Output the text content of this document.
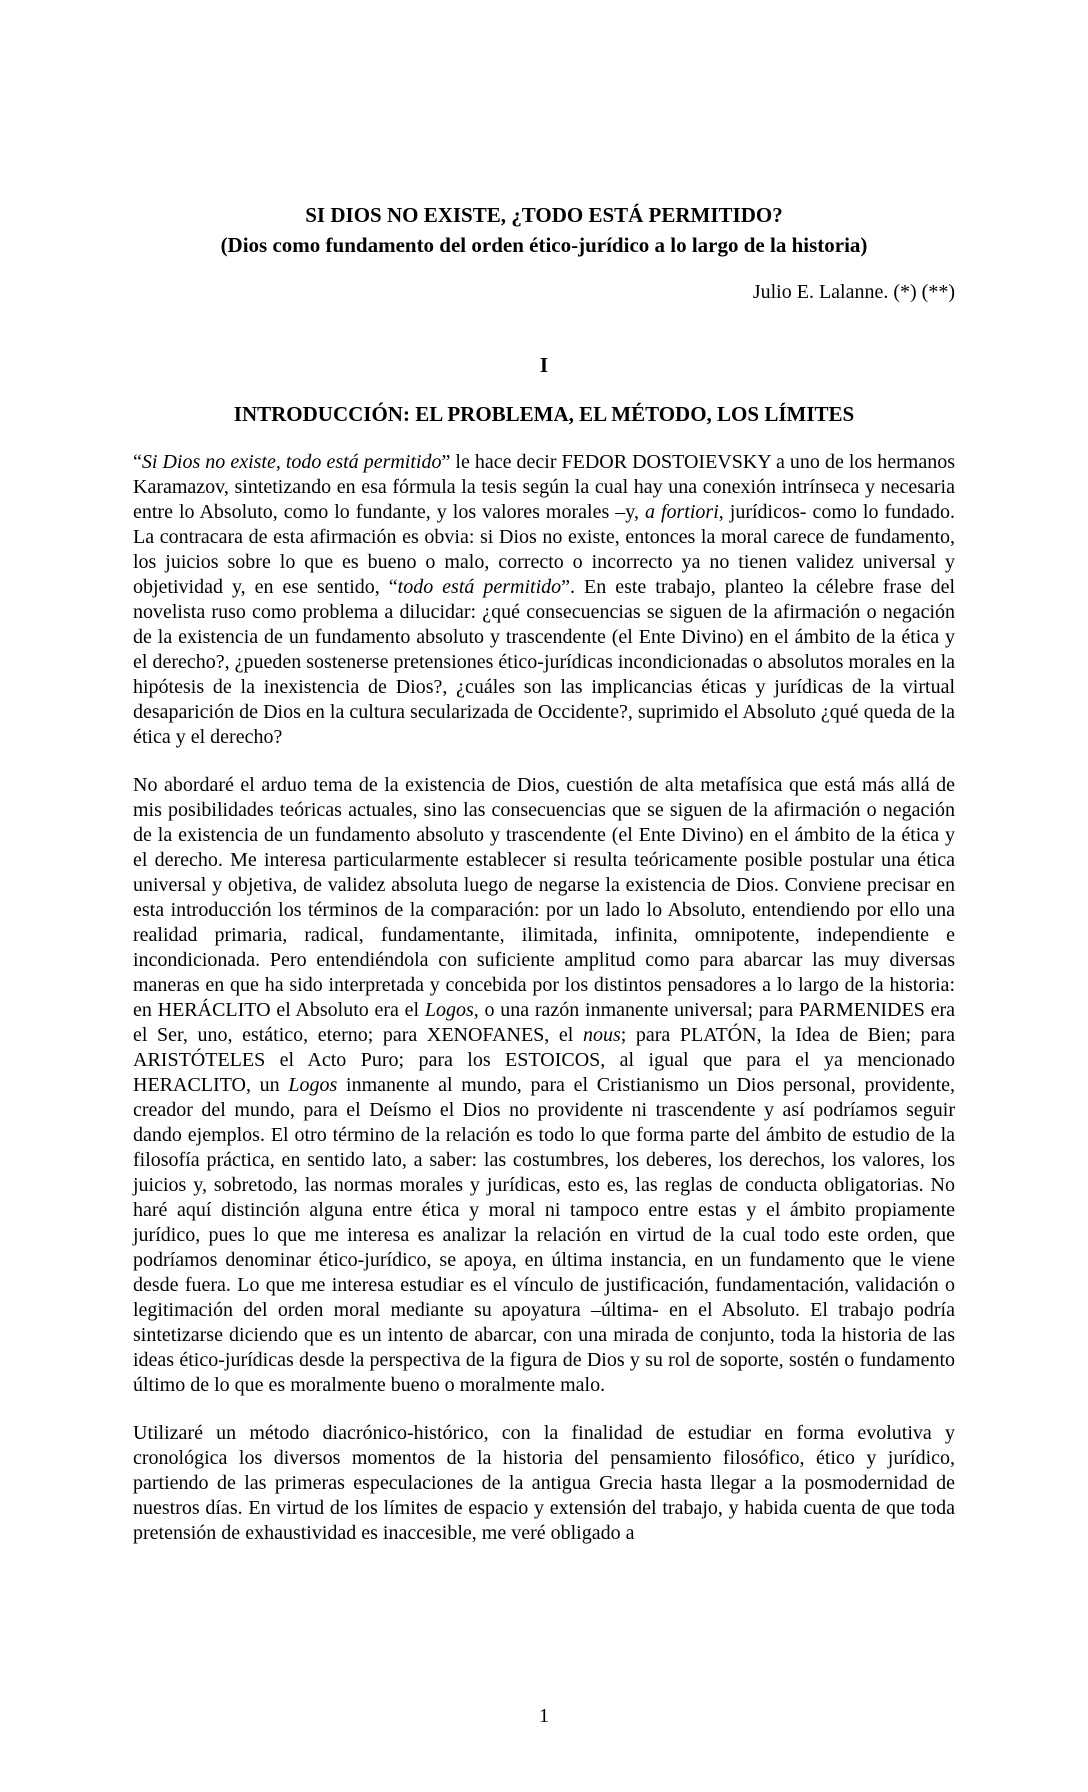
SI DIOS NO EXISTE, ¿TODO ESTÁ PERMITIDO?
(Dios como fundamento del orden ético-jurídico a lo largo de la historia)
Julio E. Lalanne. (*) (**)
I
INTRODUCCIÓN: EL PROBLEMA, EL MÉTODO, LOS LÍMITES

“Si Dios no existe, todo está permitido” le hace decir FEDOR DOSTOIEVSKY a uno de los hermanos Karamazov, sintetizando en esa fórmula la tesis según la cual hay una conexión intrínseca y necesaria entre lo Absoluto, como lo fundante, y los valores morales –y, a fortiori, jurídicos- como lo fundado. La contracara de esta afirmación es obvia: si Dios no existe, entonces la moral carece de fundamento, los juicios sobre lo que es bueno o malo, correcto o incorrecto ya no tienen validez universal y objetividad y, en ese sentido, “todo está permitido”. En este trabajo, planteo la célebre frase del novelista ruso como problema a dilucidar: ¿qué consecuencias se siguen de la afirmación o negación de la existencia de un fundamento absoluto y trascendente (el Ente Divino) en el ámbito de la ética y el derecho?, ¿pueden sostenerse pretensiones ético-jurídicas incondicionadas o absolutos morales en la hipótesis de la inexistencia de Dios?, ¿cuáles son las implicancias éticas y jurídicas de la virtual desaparición de Dios en la cultura secularizada de Occidente?, suprimido el Absoluto ¿qué queda de la ética y el derecho?

No abordaré el arduo tema de la existencia de Dios, cuestión de alta metafísica que está más allá de mis posibilidades teóricas actuales, sino las consecuencias que se siguen de la afirmación o negación de la existencia de un fundamento absoluto y trascendente (el Ente Divino) en el ámbito de la ética y el derecho. Me interesa particularmente establecer si resulta teóricamente posible postular una ética universal y objetiva, de validez absoluta luego de negarse la existencia de Dios. Conviene precisar en esta introducción los términos de la comparación: por un lado lo Absoluto, entendiendo por ello una realidad primaria, radical, fundamentante, ilimitada, infinita, omnipotente, independiente e incondicionada. Pero entendiéndola con suficiente amplitud como para abarcar las muy diversas maneras en que ha sido interpretada y concebida por los distintos pensadores a lo largo de la historia: en HERÁCLITO el Absoluto era el Logos, o una razón inmanente universal; para PARMENIDES era el Ser, uno, estático, eterno; para XENOFANES, el nous; para PLATÓN, la Idea de Bien; para ARISTÓTELES el Acto Puro; para los ESTOICOS, al igual que para el ya mencionado HERACLITO, un Logos inmanente al mundo, para el Cristianismo un Dios personal, providente, creador del mundo, para el Deísmo el Dios no providente ni trascendente y así podríamos seguir dando ejemplos. El otro término de la relación es todo lo que forma parte del ámbito de estudio de la filosofía práctica, en sentido lato, a saber: las costumbres, los deberes, los derechos, los valores, los juicios y, sobretodo, las normas morales y jurídicas, esto es, las reglas de conducta obligatorias. No haré aquí distinción alguna entre ética y moral ni tampoco entre estas y el ámbito propiamente jurídico, pues lo que me interesa es analizar la relación en virtud de la cual todo este orden, que podríamos denominar ético-jurídico, se apoya, en última instancia, en un fundamento que le viene desde fuera. Lo que me interesa estudiar es el vínculo de justificación, fundamentación, validación o legitimación del orden moral mediante su apoyatura –última- en el Absoluto. El trabajo podría sintetizarse diciendo que es un intento de abarcar, con una mirada de conjunto, toda la historia de las ideas ético-jurídicas desde la perspectiva de la figura de Dios y su rol de soporte, sostén o fundamento último de lo que es moralmente bueno o moralmente malo.

Utilizaré un método diacrónico-histórico, con la finalidad de estudiar en forma evolutiva y cronológica los diversos momentos de la historia del pensamiento filosófico, ético y jurídico, partiendo de las primeras especulaciones de la antigua Grecia hasta llegar a la posmodernidad de nuestros días. En virtud de los límites de espacio y extensión del trabajo, y habida cuenta de que toda pretensión de exhaustividad es inaccesible, me veré obligado a

1
